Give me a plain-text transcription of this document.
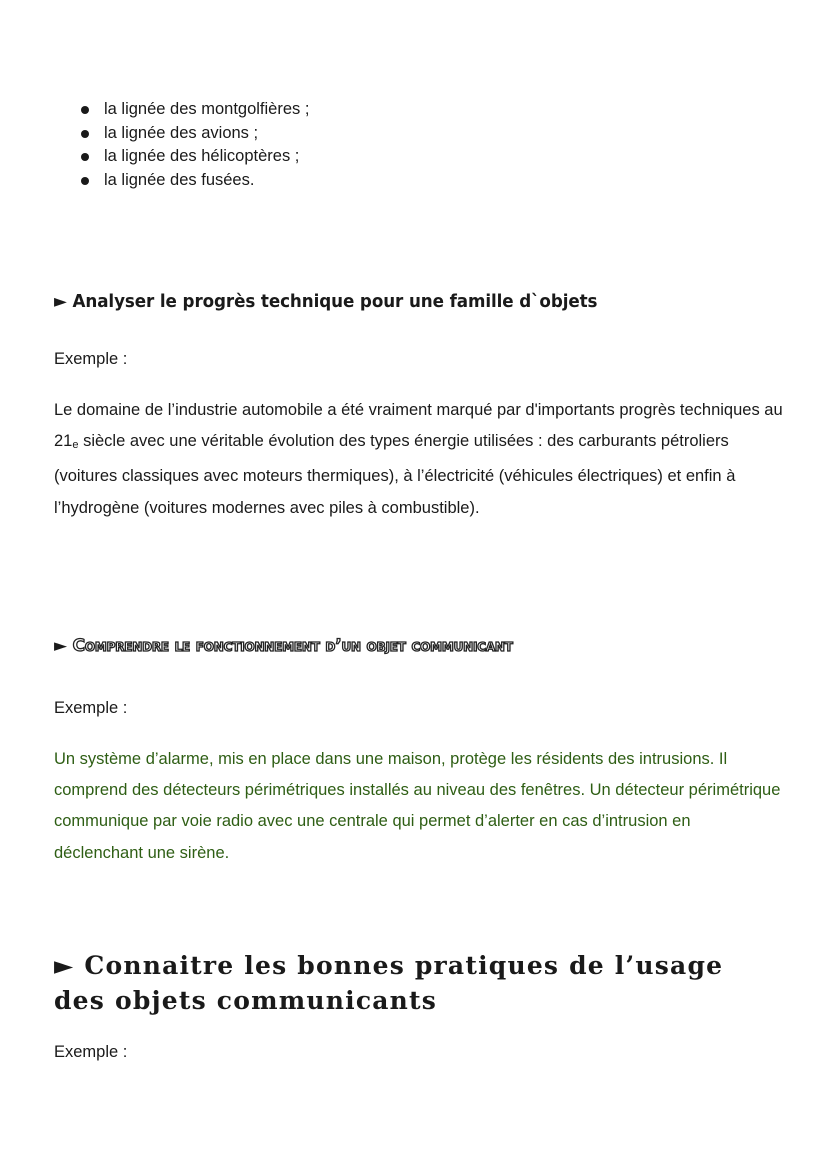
la lignée des montgolfières ;
la lignée des avions ;
la lignée des hélicoptères ;
la lignée des fusées.
► Analyser le progrès technique pour une famille d`objets

Exemple :

Le domaine de l’industrie automobile a été vraiment marqué par d'importants progrès techniques au 21e siècle avec une véritable évolution des types énergie utilisées : des carburants pétroliers (voitures classiques avec moteurs thermiques), à l’électricité (véhicules électriques) et enfin à l’hydrogène (voitures modernes avec piles à combustible).

► Comprendre le fonctionnement d’un objet communicant

Exemple :

Un système d’alarme, mis en place dans une maison, protège les résidents des intrusions. Il comprend des détecteurs périmétriques installés au niveau des fenêtres. Un détecteur périmétrique communique par voie radio avec une centrale qui permet d’alerter en cas d’intrusion en déclenchant une sirène.

► Connaitre les bonnes pratiques de l’usage des objets communicants

Exemple :
